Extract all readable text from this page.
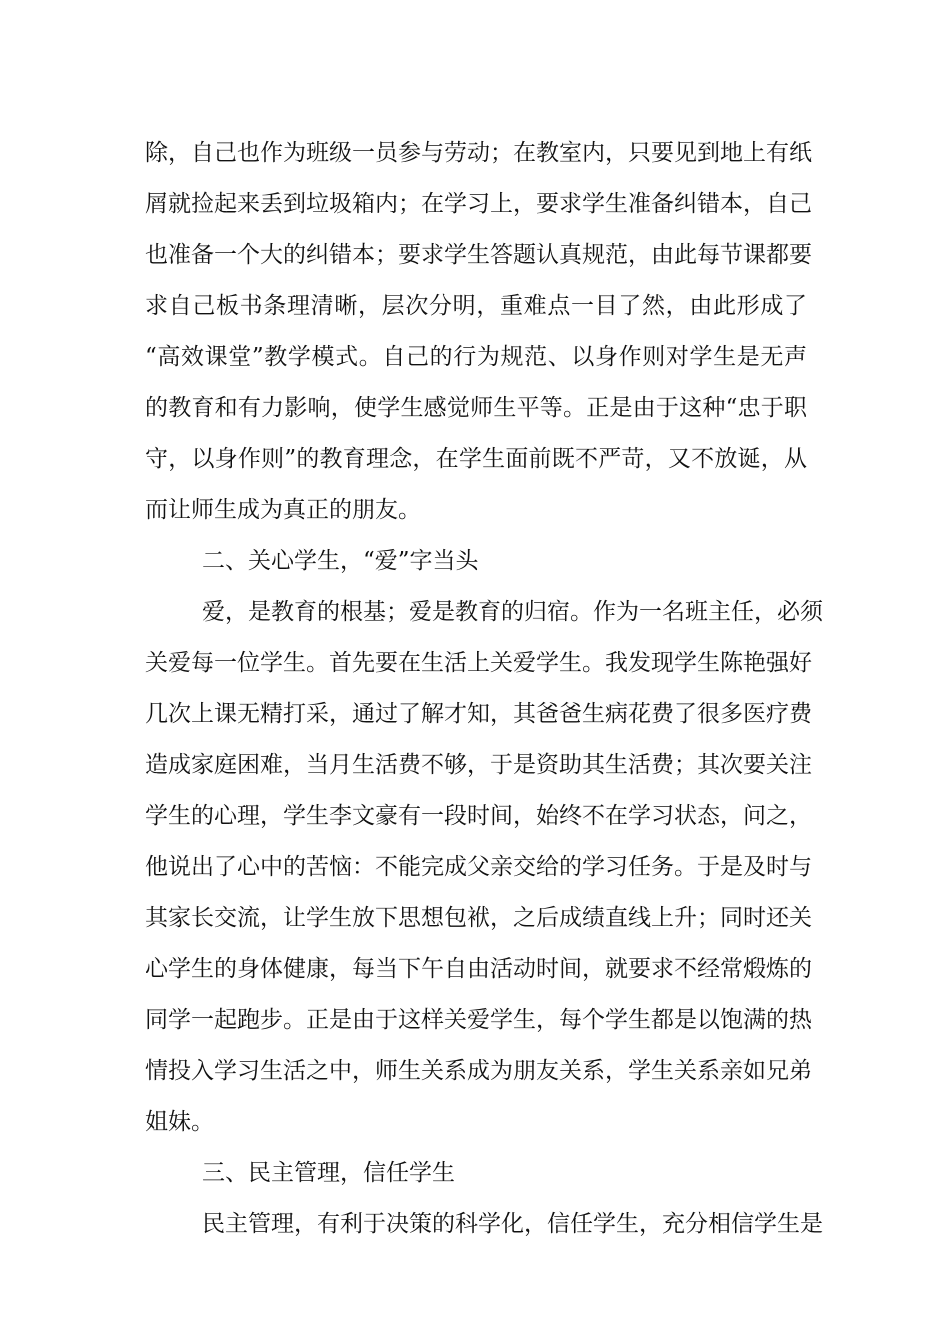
除，自己也作为班级一员参与劳动；在教室内，只要见到地上有纸
屑就捡起来丢到垃圾箱内；在学习上，要求学生准备纠错本，自己
也准备一个大的纠错本；要求学生答题认真规范，由此每节课都要
求自己板书条理清晰，层次分明，重难点一目了然，由此形成了
“高效课堂”教学模式。自己的行为规范、以身作则对学生是无声
的教育和有力影响，使学生感觉师生平等。正是由于这种“忠于职
守，以身作则”的教育理念，在学生面前既不严苛，又不放诞，从
而让师生成为真正的朋友。
二、关心学生，“爱”字当头
爱，是教育的根基；爱是教育的归宿。作为一名班主任，必须
关爱每一位学生。首先要在生活上关爱学生。我发现学生陈艳强好
几次上课无精打采，通过了解才知，其爸爸生病花费了很多医疗费
造成家庭困难，当月生活费不够，于是资助其生活费；其次要关注
学生的心理，学生李文豪有一段时间，始终不在学习状态，问之，
他说出了心中的苦恼：不能完成父亲交给的学习任务。于是及时与
其家长交流，让学生放下思想包袱，之后成绩直线上升；同时还关
心学生的身体健康，每当下午自由活动时间，就要求不经常煅炼的
同学一起跑步。正是由于这样关爱学生，每个学生都是以饱满的热
情投入学习生活之中，师生关系成为朋友关系，学生关系亲如兄弟
姐妹。
三、民主管理，信任学生
民主管理，有利于决策的科学化，信任学生，充分相信学生是
